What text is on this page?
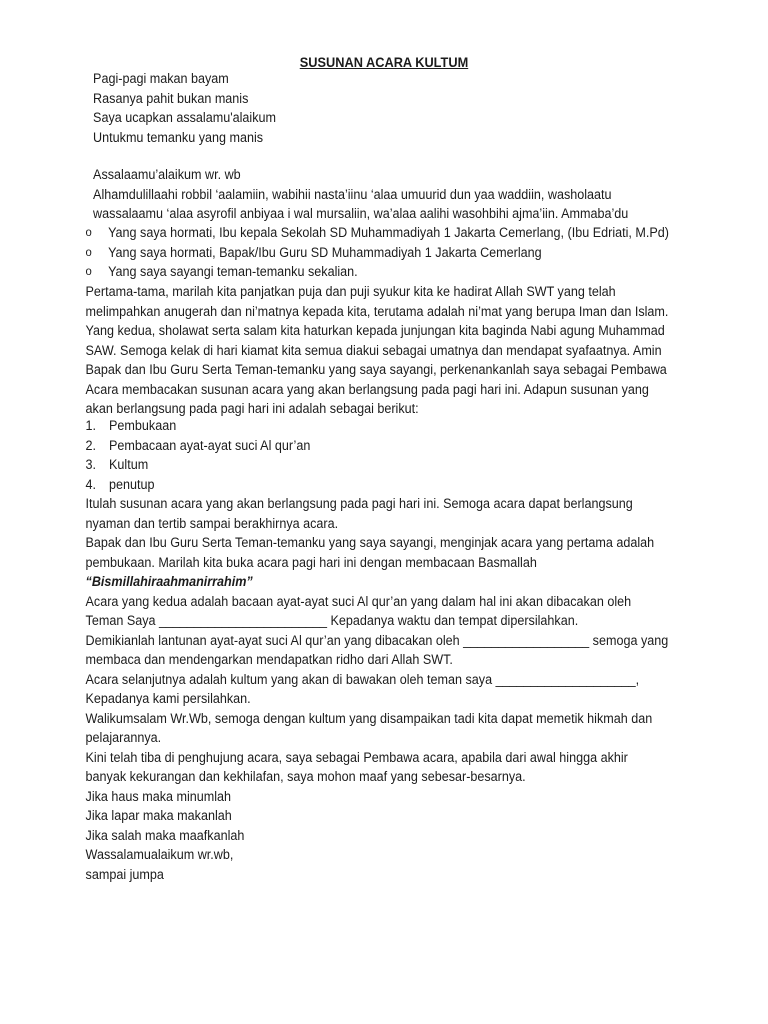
SUSUNAN ACARA KULTUM
Pagi-pagi makan bayam
Rasanya pahit bukan manis
Saya ucapkan assalamu'alaikum
Untukmu temanku yang manis
Assalaamu’alaikum wr. wb
Alhamdulillaahi robbil ‘aalamiin, wabihii nasta’iinu ‘alaa umuurid dun yaa waddiin, washolaatu
wassalaamu ‘alaa asyrofil anbiyaa i wal mursaliin, wa’alaa aalihi wasohbihi ajma’iin. Ammaba’du
o Yang saya hormati, Ibu kepala Sekolah SD Muhammadiyah 1 Jakarta Cemerlang, (Ibu Edriati, M.Pd)
o Yang saya hormati, Bapak/Ibu Guru SD Muhammadiyah 1 Jakarta Cemerlang
o Yang saya sayangi teman-temanku sekalian.
Pertama-tama, marilah kita panjatkan puja dan puji syukur kita ke hadirat Allah SWT yang telah
melimpahkan anugerah dan ni’matnya kepada kita, terutama adalah ni’mat yang berupa Iman dan Islam.
Yang kedua, sholawat serta salam kita haturkan kepada junjungan kita baginda Nabi agung Muhammad
SAW. Semoga kelak di hari kiamat kita semua diakui sebagai umatnya dan mendapat syafaatnya. Amin
Bapak dan Ibu Guru Serta Teman-temanku yang saya sayangi, perkenankanlah saya sebagai Pembawa
Acara membacakan susunan acara yang akan berlangsung pada pagi hari ini. Adapun susunan yang
akan berlangsung pada pagi hari ini adalah sebagai berikut:
1. Pembukaan
2. Pembacaan ayat-ayat suci Al qur’an
3. Kultum
4. penutup
Itulah susunan acara yang akan berlangsung pada pagi hari ini. Semoga acara dapat berlangsung
nyaman dan tertib sampai berakhirnya acara.
Bapak dan Ibu Guru Serta Teman-temanku yang saya sayangi, menginjak acara yang pertama adalah
pembukaan. Marilah kita buka acara pagi hari ini dengan membacaan Basmallah
“Bismillahiraahmanirrahim”
Acara yang kedua adalah bacaan ayat-ayat suci Al qur’an yang dalam hal ini akan dibacakan oleh
Teman Saya ________________________ Kepadanya waktu dan tempat dipersilahkan.
Demikianlah lantunan ayat-ayat suci Al qur’an yang dibacakan oleh __________________ semoga yang
membaca dan mendengarkan mendapatkan ridho dari Allah SWT.
Acara selanjutnya adalah kultum yang akan di bawakan oleh teman saya ____________________,
Kepadanya kami persilahkan.
Walikumsalam Wr.Wb, semoga dengan kultum yang disampaikan tadi kita dapat memetik hikmah dan
pelajarannya.
Kini telah tiba di penghujung acara, saya sebagai Pembawa acara, apabila dari awal hingga akhir
banyak kekurangan dan kekhilafan, saya mohon maaf yang sebesar-besarnya.
Jika haus maka minumlah
Jika lapar maka makanlah
Jika salah maka maafkanlah
Wassalamualaikum wr.wb,
sampai jumpa
